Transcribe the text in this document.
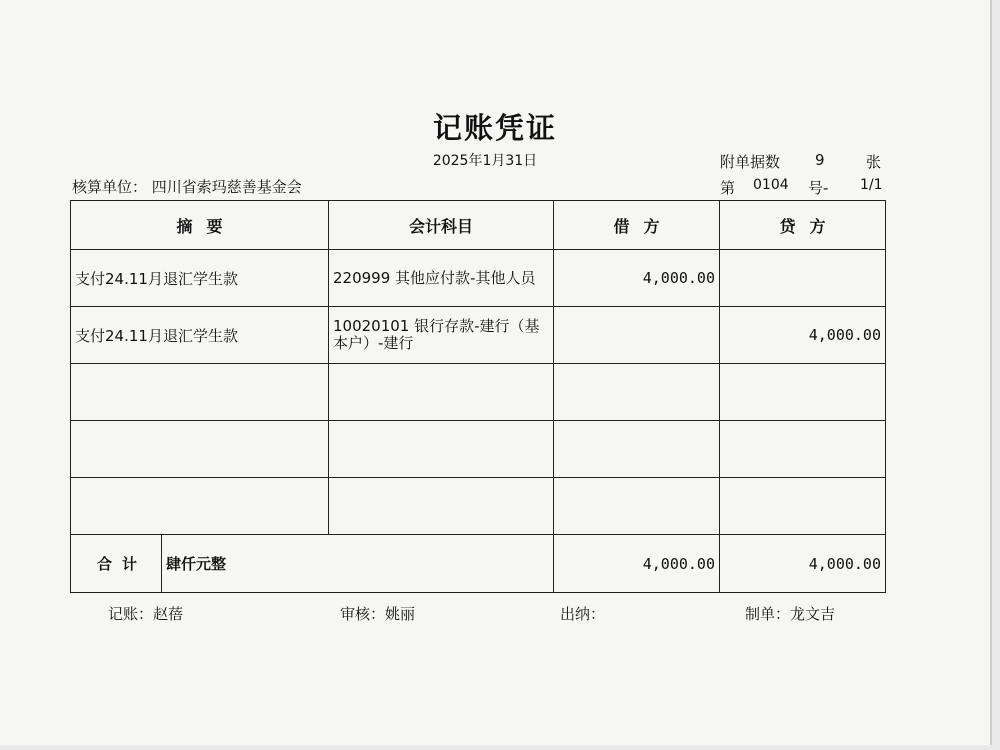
记账凭证
2025年1月31日
核算单位： 四川省索玛慈善基金会
附单据数 9	张
第 0104 号- 1/1
摘要	会计科目	借方	贷方
支付24.11月退汇学生款	220999 其他应付款-其他人员	4,000.00	
支付24.11月退汇学生款	10020101 银行存款-建行（基本户）-建行		4,000.00

合计 肆仟元整		4,000.00	4,000.00
记账：赵蓓	审核：姚丽	出纳：	制单：龙文吉
